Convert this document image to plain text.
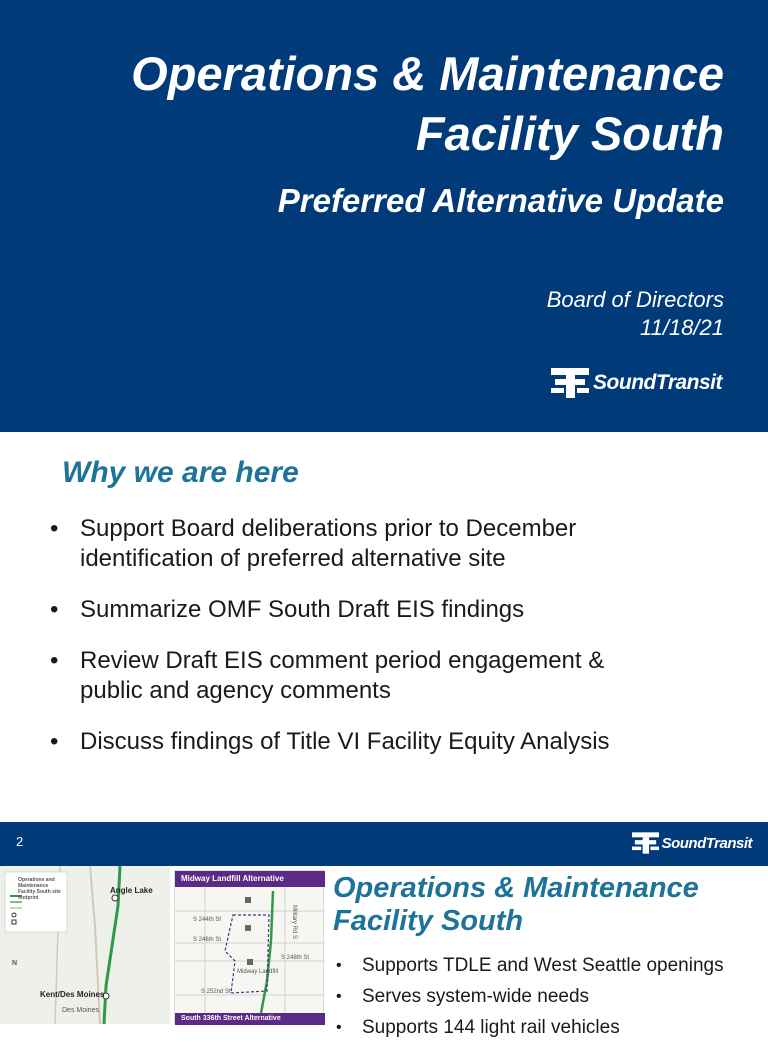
Operations & Maintenance
Facility South
Preferred Alternative Update
Board of Directors
11/18/21
SoundTransit
Why we are here
• Support Board deliberations prior to December
identification of preferred alternative site
• Summarize OMF South Draft EIS findings
• Review Draft EIS comment period engagement &
public and agency comments
• Discuss findings of Title VI Facility Equity Analysis
2	SoundTransit
Operations and Maintenance Facility South site footprint
Angle Lake
Kent/Des Moines
Des Moines
N
Midway Landfill Alternative
S 244th St
S 246th St
S 248th St
S 252nd St
Midway Landfill
Military Rd S
South 336th Street Alternative
Operations & Maintenance
Facility South
• Supports TDLE and West Seattle openings
• Serves system-wide needs
• Supports 144 light rail vehicles
